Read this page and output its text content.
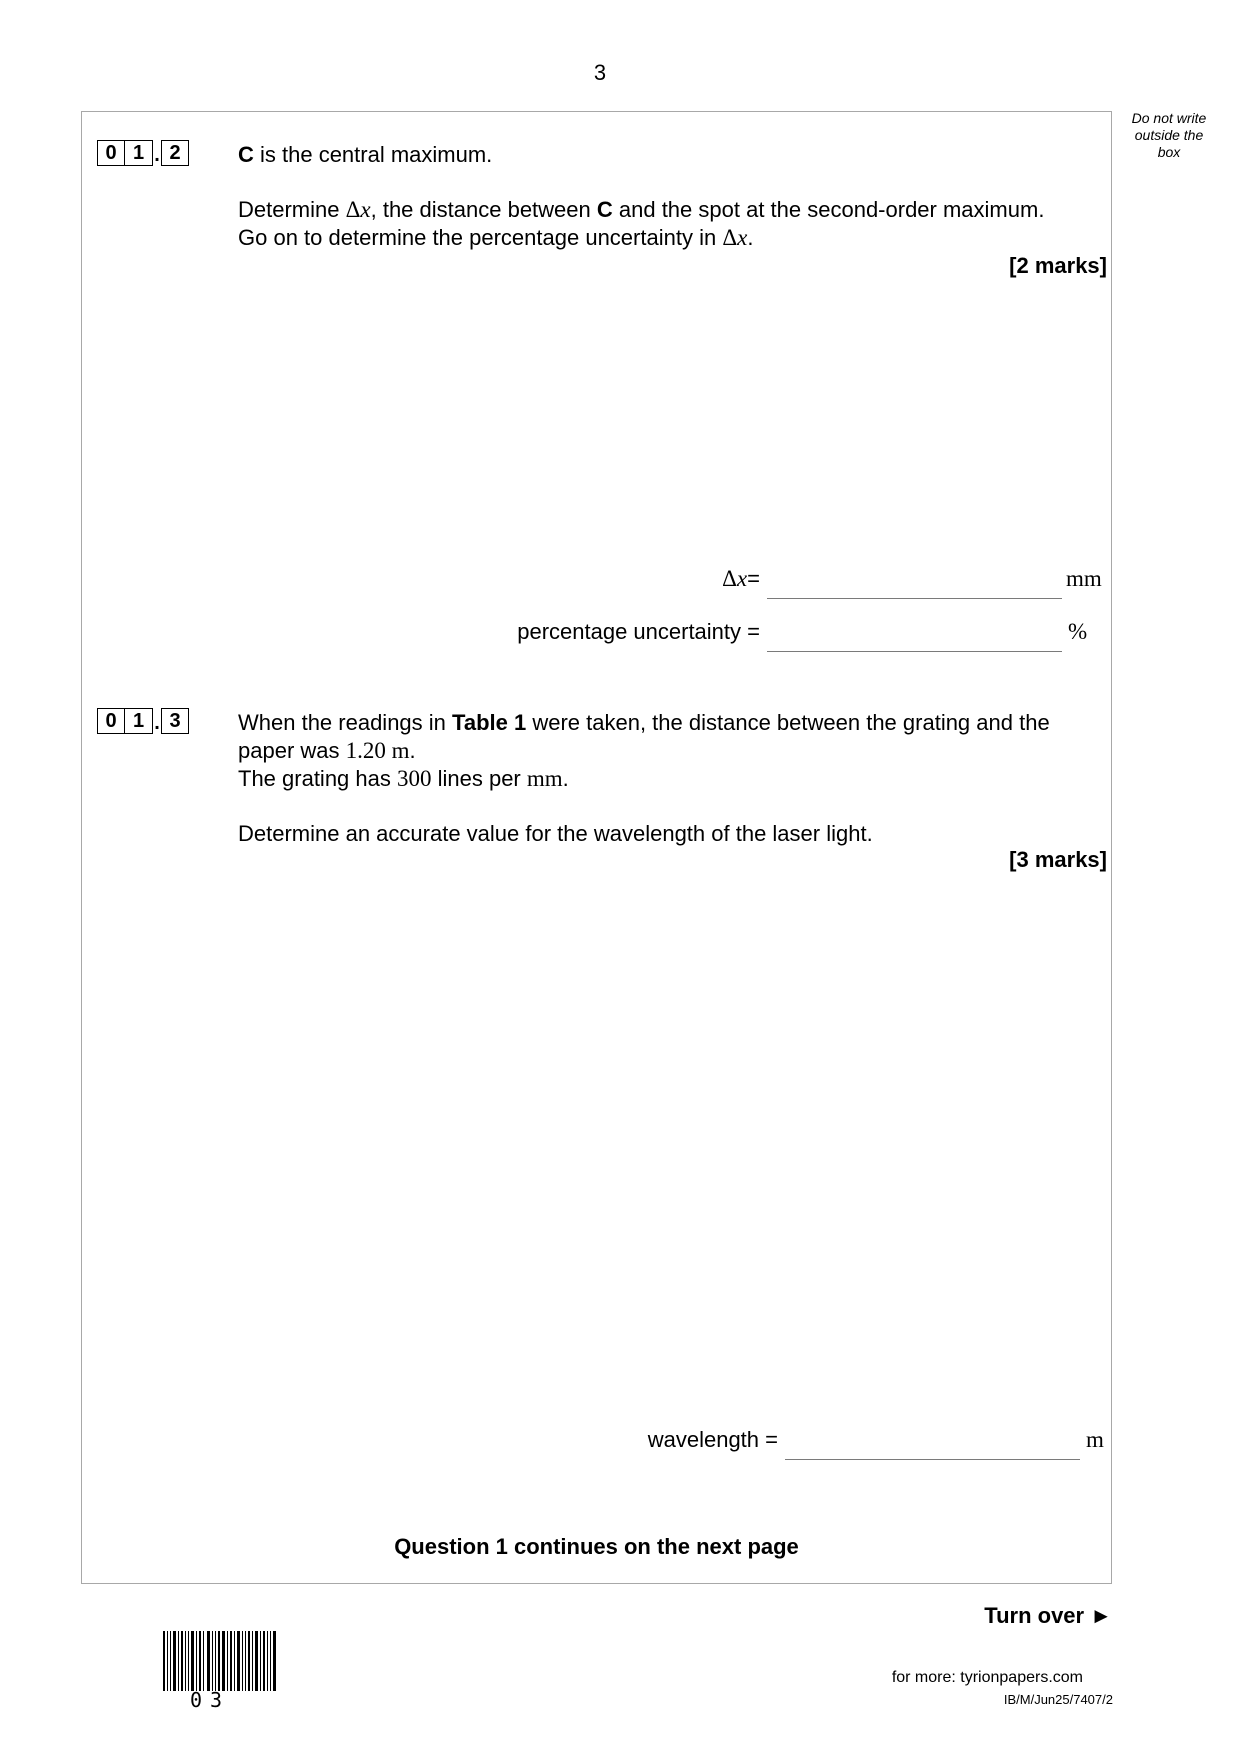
3
Do not write
outside the
box
0 1 . 2	C is the central maximum.
Determine Δx, the distance between C and the spot at the second-order maximum.
Go on to determine the percentage uncertainty in Δx.
[2 marks]
Δ x =	mm
percentage uncertainty =	%
0 1 . 3	When the readings in Table 1 were taken, the distance between the grating and the
paper was 1.20 m.
The grating has 300 lines per mm.
Determine an accurate value for the wavelength of the laser light.
[3 marks]
wavelength =	m
Question 1 continues on the next page
Turn over ►
03
for more: tyrionpapers.com
IB/M/Jun25/7407/2
